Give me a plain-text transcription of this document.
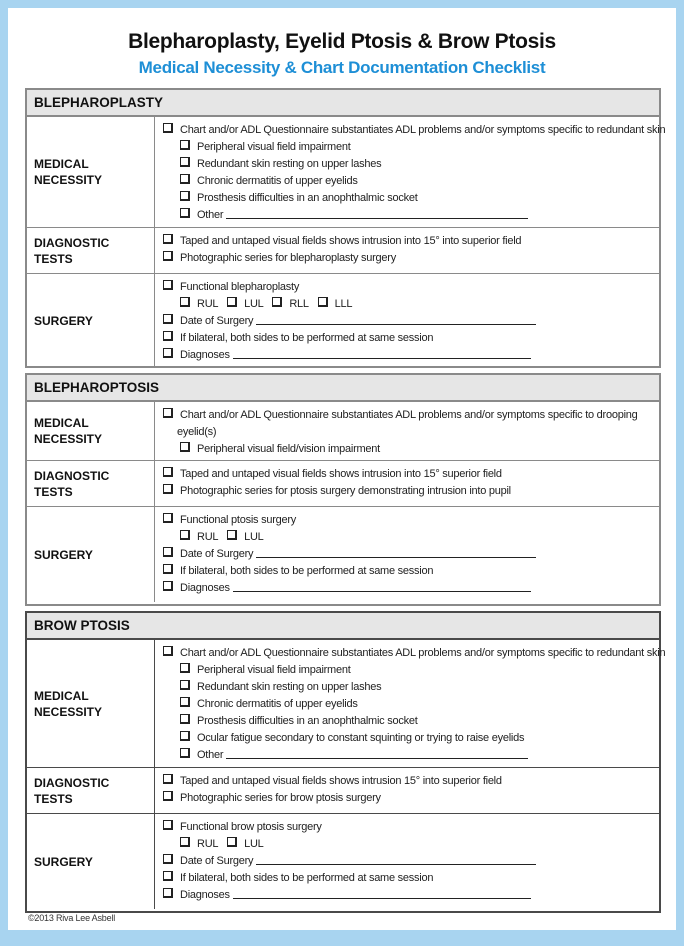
Blepharoplasty, Eyelid Ptosis & Brow Ptosis
Medical Necessity & Chart Documentation Checklist
BLEPHAROPLASTY
MEDICAL
NECESSITY
Chart and/or ADL Questionnaire substantiates ADL problems and/or symptoms specific to redundant skin
Peripheral visual field impairment
Redundant skin resting on upper lashes
Chronic dermatitis of upper eyelids
Prosthesis difficulties in an anophthalmic socket
Other
DIAGNOSTIC
TESTS
Taped and untaped visual fields shows intrusion into 15° into superior field
Photographic series for blepharoplasty surgery
SURGERY
Functional blepharoplasty
RUL LUL RLL LLL
Date of Surgery
If bilateral, both sides to be performed at same session
Diagnoses
BLEPHAROPTOSIS
MEDICAL
NECESSITY
Chart and/or ADL Questionnaire substantiates ADL problems and/or symptoms specific to drooping
eyelid(s)
Peripheral visual field/vision impairment
DIAGNOSTIC
TESTS
Taped and untaped visual fields shows intrusion into 15° superior field
Photographic series for ptosis surgery demonstrating intrusion into pupil
SURGERY
Functional ptosis surgery
RUL LUL
Date of Surgery
If bilateral, both sides to be performed at same session
Diagnoses
BROW PTOSIS
MEDICAL
NECESSITY
Chart and/or ADL Questionnaire substantiates ADL problems and/or symptoms specific to redundant skin
Peripheral visual field impairment
Redundant skin resting on upper lashes
Chronic dermatitis of upper eyelids
Prosthesis difficulties in an anophthalmic socket
Ocular fatigue secondary to constant squinting or trying to raise eyelids
Other
DIAGNOSTIC
TESTS
Taped and untaped visual fields shows intrusion 15° into superior field
Photographic series for brow ptosis surgery
SURGERY
Functional brow ptosis surgery
RUL LUL
Date of Surgery
If bilateral, both sides to be performed at same session
Diagnoses
©2013 Riva Lee Asbell
